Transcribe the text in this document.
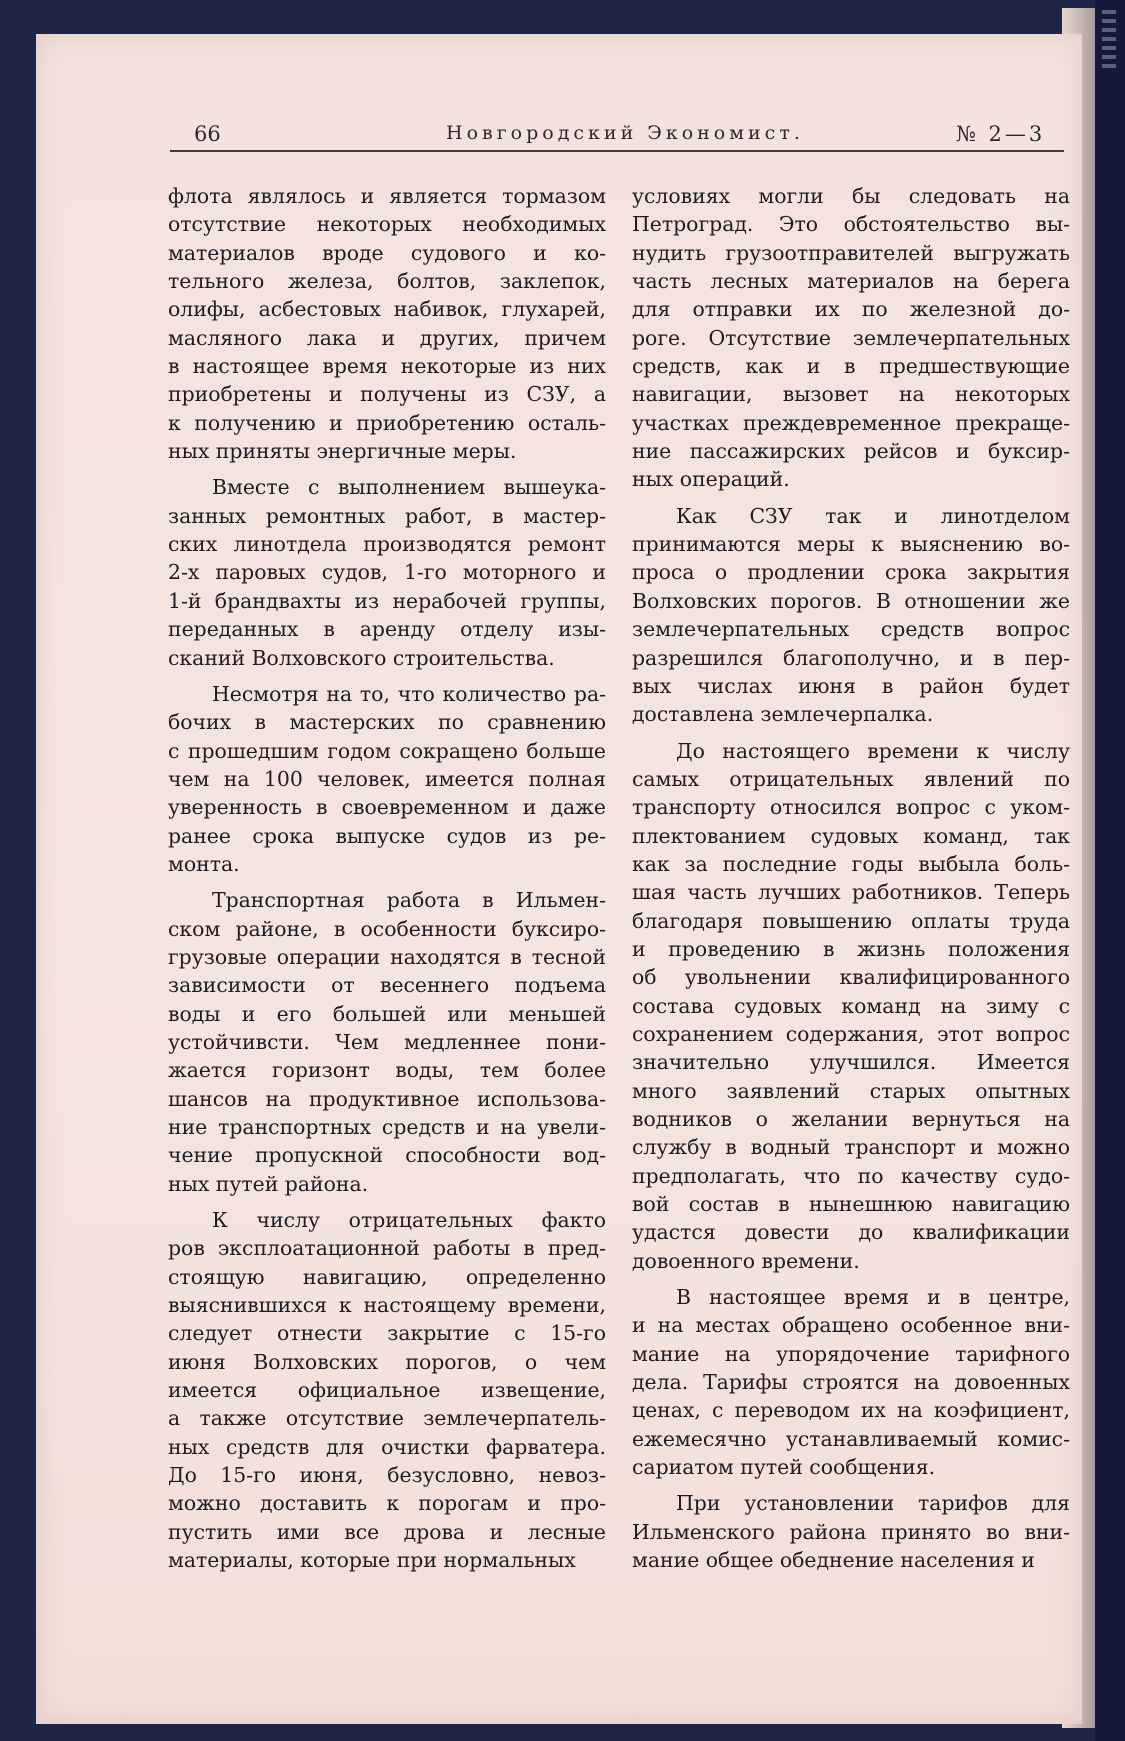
66	Новгородский Экономист.	№ 2—3
флота являлось и является тормазом
отсутствие некоторых необходимых
материалов вроде судового и ко-
тельного железа, болтов, заклепок,
олифы, асбестовых набивок, глухарей,
масляного лака и других, причем
в настоящее время некоторые из них
приобретены и получены из СЗУ, а
к получению и приобретению осталь-
ных приняты энергичные меры.
Вместе с выполнением вышеука-
занных ремонтных работ, в мастер-
ских линотдела производятся ремонт
2-х паровых судов, 1-го моторного и
1-й брандвахты из нерабочей группы,
переданных в аренду отделу изы-
сканий Волховского строительства.
Несмотря на то, что количество ра-
бочих в мастерских по сравнению
с прошедшим годом сокращено больше
чем на 100 человек, имеется полная
уверенность в своевременном и даже
ранее срока выпуске судов из ре-
монта.
Транспортная работа в Ильмен-
ском районе, в особенности буксиро-
грузовые операции находятся в тесной
зависимости от весеннего подъема
воды и его большей или меньшей
устойчивсти. Чем медленнее пони-
жается горизонт воды, тем более
шансов на продуктивное использова-
ние транспортных средств и на увели-
чение пропускной способности вод-
ных путей района.
К числу отрицательных факто
ров эксплоатационной работы в пред-
стоящую навигацию, определенно
выяснившихся к настоящему времени,
следует отнести закрытие с 15-го
июня Волховских порогов, о чем
имеется официальное извещение,
а также отсутствие землечерпатель-
ных средств для очистки фарватера.
До 15-го июня, безусловно, невоз-
можно доставить к порогам и про-
пустить ими все дрова и лесные
материалы, которые при нормальных
условиях могли бы следовать на
Петроград. Это обстоятельство вы-
нудить грузоотправителей выгружать
часть лесных материалов на берега
для отправки их по железной до-
роге. Отсутствие землечерпательных
средств, как и в предшествующие
навигации, вызовет на некоторых
участках преждевременное прекраще-
ние пассажирских рейсов и буксир-
ных операций.
Как СЗУ так и линотделом
принимаются меры к выяснению во-
проса о продлении срока закрытия
Волховских порогов. В отношении же
землечерпательных средств вопрос
разрешился благополучно, и в пер-
вых числах июня в район будет
доставлена землечерпалка.
До настоящего времени к числу
самых отрицательных явлений по
транспорту относился вопрос с уком-
плектованием судовых команд, так
как за последние годы выбыла боль-
шая часть лучших работников. Теперь
благодаря повышению оплаты труда
и проведению в жизнь положения
об увольнении квалифицированного
состава судовых команд на зиму с
сохранением содержания, этот вопрос
значительно улучшился. Имеется
много заявлений старых опытных
водников о желании вернуться на
службу в водный транспорт и можно
предполагать, что по качеству судо-
вой состав в нынешнюю навигацию
удастся довести до квалификации
довоенного времени.
В настоящее время и в центре,
и на местах обращено особенное вни-
мание на упорядочение тарифного
дела. Тарифы строятся на довоенных
ценах, с переводом их на коэфициент,
ежемесячно устанавливаемый комис-
сариатом путей сообщения.
При установлении тарифов для
Ильменского района принято во вни-
мание общее обеднение населения и
